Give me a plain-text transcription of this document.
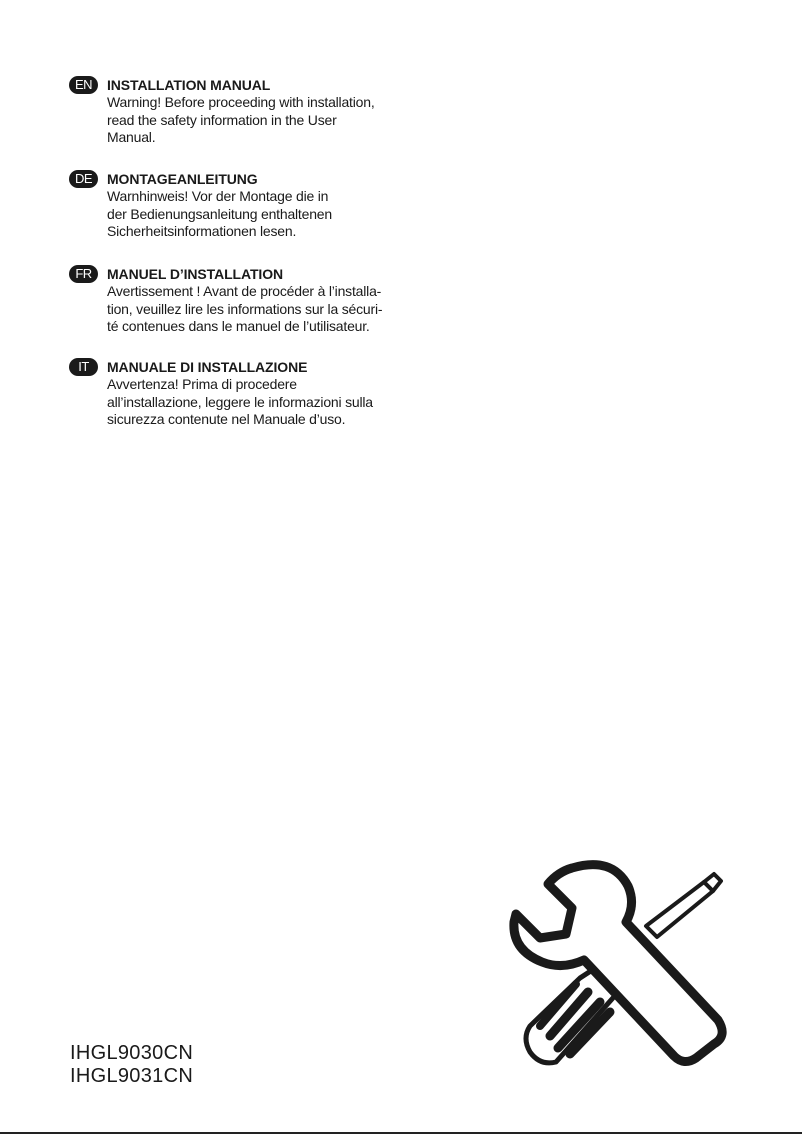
EN	INSTALLATION MANUAL
Warning! Before proceeding with installation,
read the safety information in the User
Manual.
DE	MONTAGEANLEITUNG
Warnhinweis! Vor der Montage die in
der Bedienungsanleitung enthaltenen
Sicherheitsinformationen lesen.
FR	MANUEL D’INSTALLATION
Avertissement ! Avant de procéder à l’installa-
tion, veuillez lire les informations sur la sécuri-
té contenues dans le manuel de l’utilisateur.
IT	MANUALE DI INSTALLAZIONE
Avvertenza! Prima di procedere
all’installazione, leggere le informazioni sulla
sicurezza contenute nel Manuale d’uso.
IHGL9030CN
IHGL9031CN
